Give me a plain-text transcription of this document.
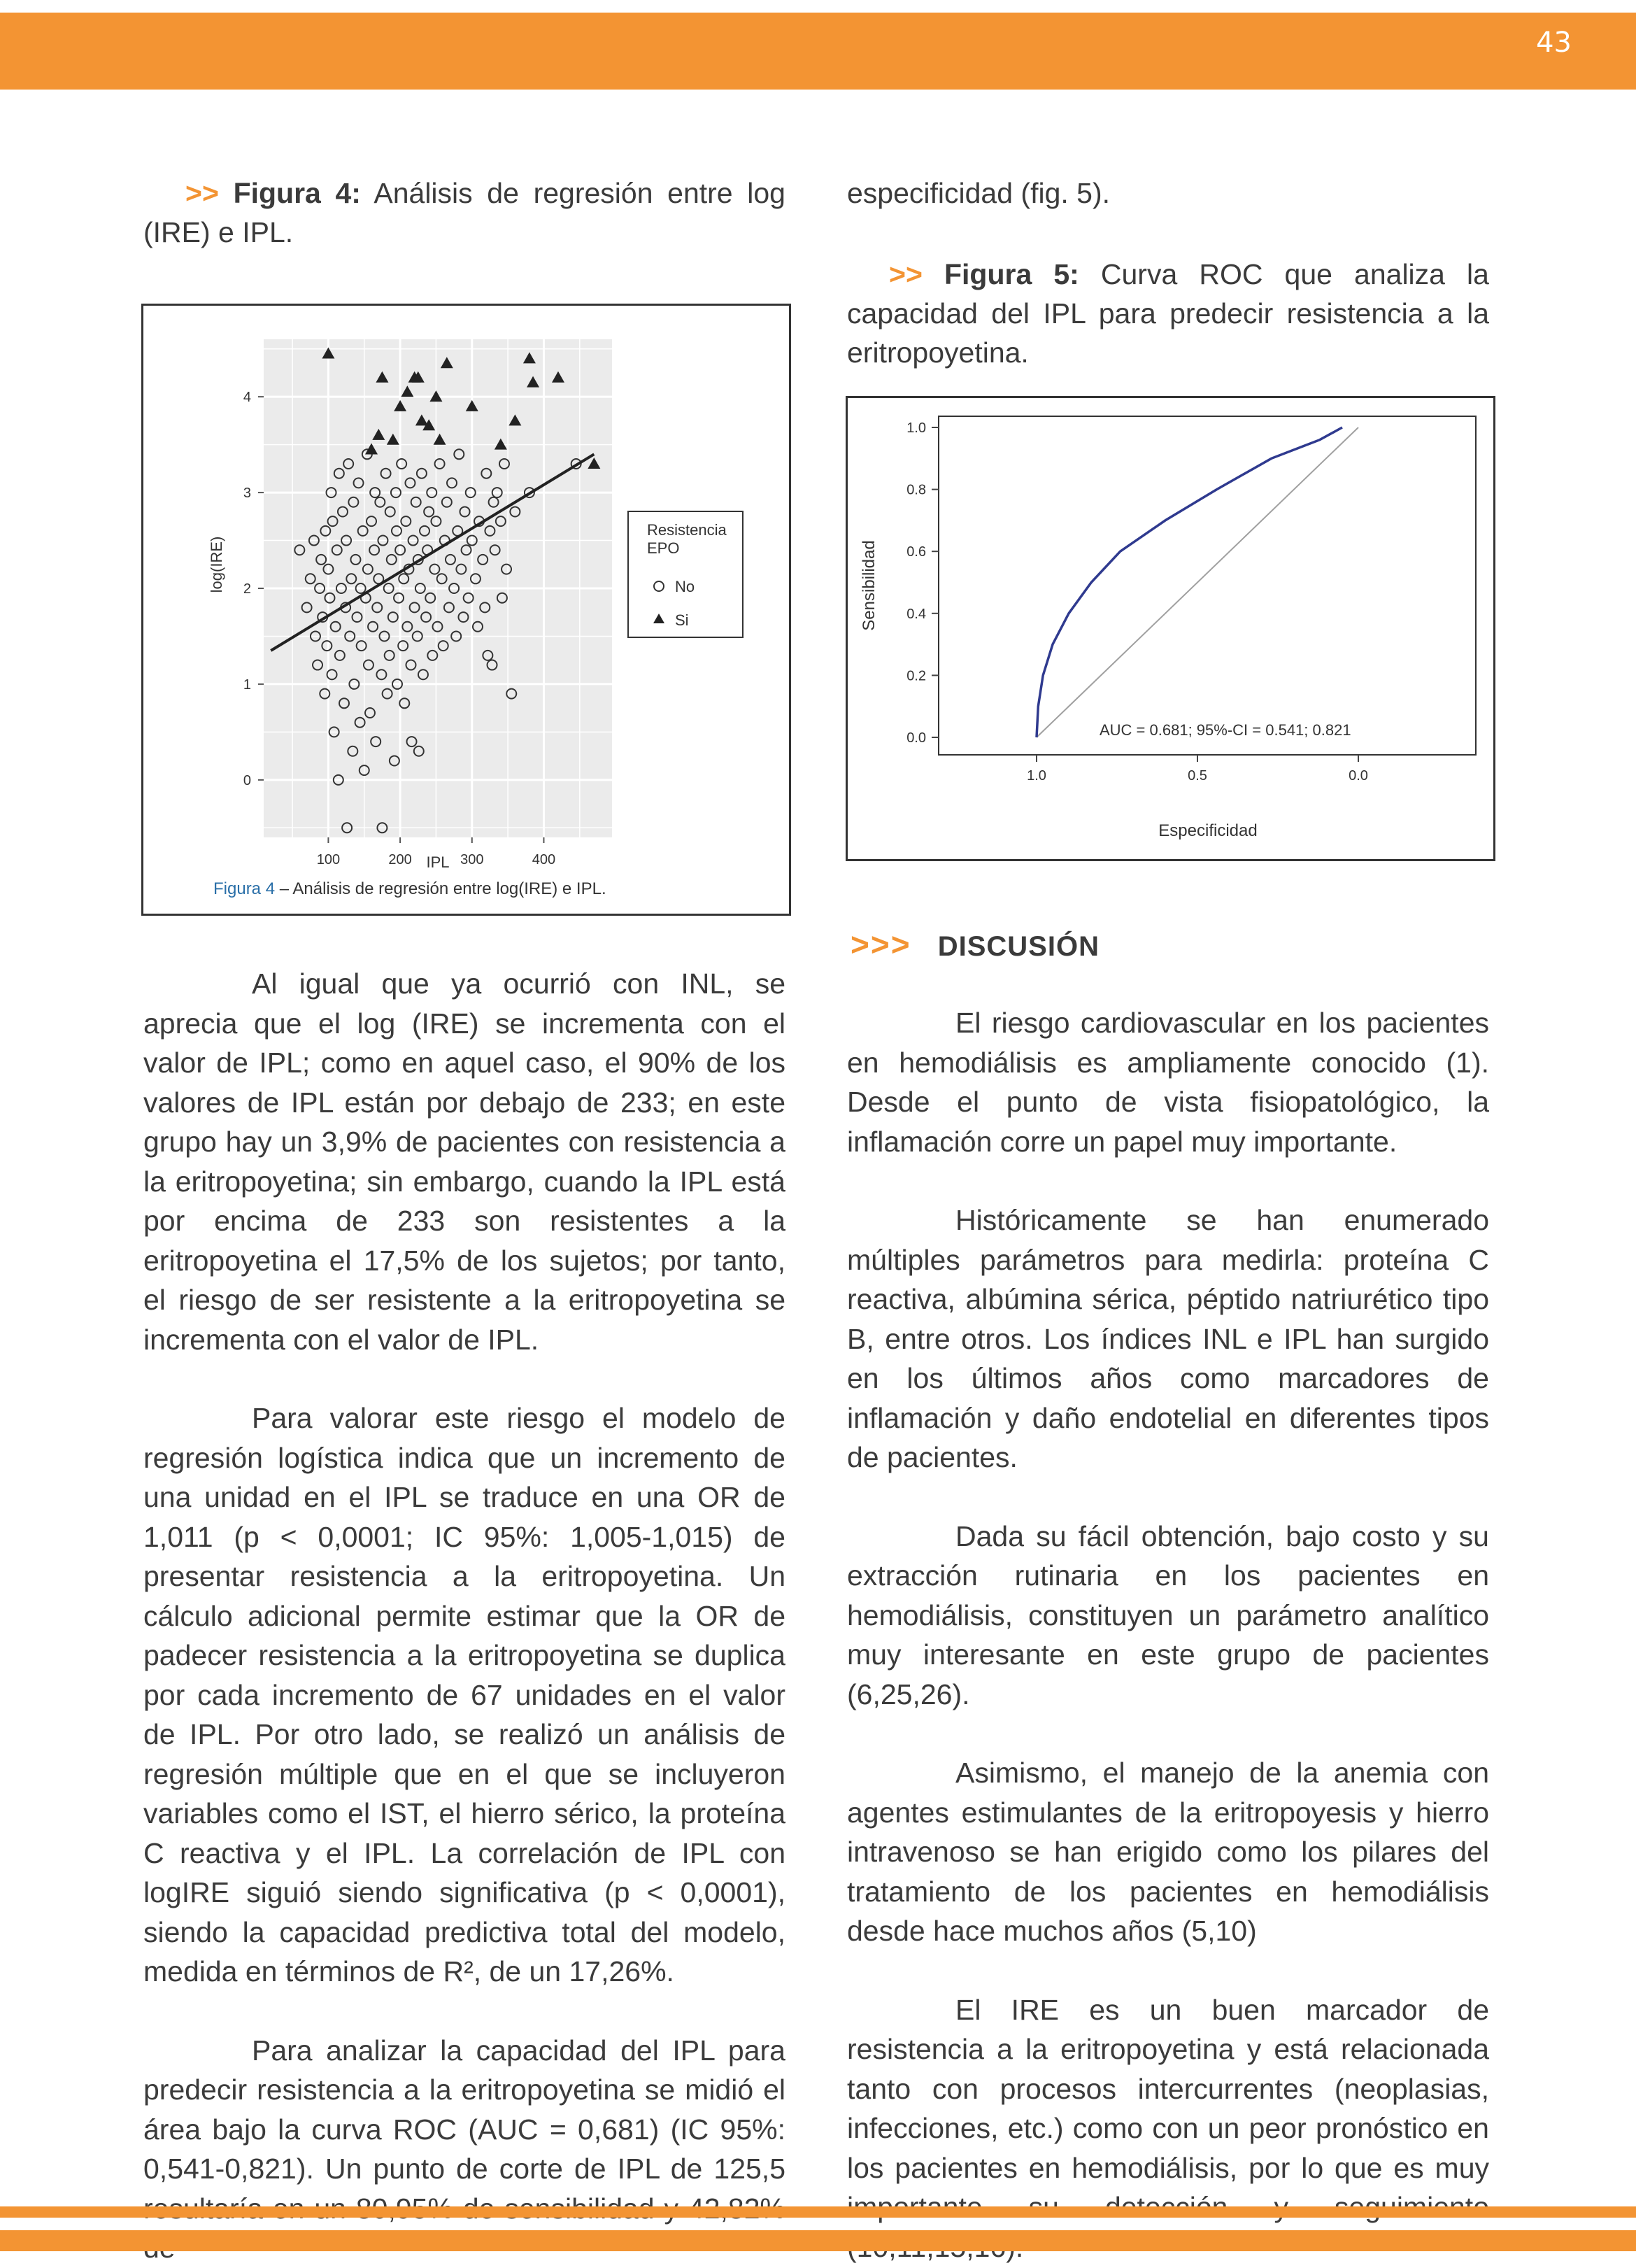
43
>> Figura 4: Análisis de regresión entre log (IRE) e IPL.
100	200	300	400
0
1
2
3
4
IPL
log(IRE)
Resistencia
EPO
No
Si
Figura 4 – Análisis de regresión entre log(IRE) e IPL.

Al igual que ya ocurrió con INL, se aprecia que el log (IRE) se incrementa con el valor de IPL; como en aquel caso, el 90% de los valores de IPL están por debajo de 233; en este grupo hay un 3,9% de pacientes con resistencia a la eritropoyetina; sin embargo, cuando la IPL está por encima de 233 son resistentes a la eritropoyetina el 17,5% de los sujetos; por tanto, el riesgo de ser resistente a la eritropoyetina se incrementa con el valor de IPL.

Para valorar este riesgo el modelo de regresión logística indica que un incremento de una unidad en el IPL se traduce en una OR de 1,011 (p < 0,0001; IC 95%: 1,005-1,015) de presentar resistencia a la eritropoyetina. Un cálculo adicional permite estimar que la OR de padecer resistencia a la eritropoyetina se duplica por cada incremento de 67 unidades en el valor de IPL. Por otro lado, se realizó un análisis de regresión múltiple que en el que se incluyeron variables como el IST, el hierro sérico, la proteína C reactiva y el IPL. La correlación de IPL con logIRE siguió siendo significativa (p < 0,0001), siendo la capacidad predictiva total del modelo, medida en términos de R², de un 17,26%.

Para analizar la capacidad del IPL para predecir resistencia a la eritropoyetina se midió el área bajo la curva ROC (AUC = 0,681) (IC 95%: 0,541-0,821). Un punto de corte de IPL de 125,5

especificidad (fig. 5).
>> Figura 5: Curva ROC que analiza la capacidad del IPL para predecir resistencia a la eritropoyetina.
0.0
0.2
0.4
0.6
0.8
1.0
1.0	0.5	0.0
AUC = 0.681; 95%-CI = 0.541; 0.821
Especificidad
Sensibilidad
>>> DISCUSIÓN

El riesgo cardiovascular en los pacientes en hemodiálisis es ampliamente conocido (1). Desde el punto de vista fisiopatológico, la inflamación corre un papel muy importante.

Históricamente se han enumerado múltiples parámetros para medirla: proteína C reactiva, albúmina sérica, péptido natriurético tipo B, entre otros. Los índices INL e IPL han surgido en los últimos años como marcadores de inflamación y daño endotelial en diferentes tipos de pacientes.

Dada su fácil obtención, bajo costo y su extracción rutinaria en los pacientes en hemodiálisis, constituyen un parámetro analítico muy interesante en este grupo de pacientes (6,25,26).

Asimismo, el manejo de la anemia con agentes estimulantes de la eritropoyesis y hierro intravenoso se han erigido como los pilares del tratamiento de los pacientes en hemodiálisis desde hace muchos años (5,10)

El IRE es un buen marcador de resistencia a la eritropoyetina y está relacionada tanto con procesos intercurrentes (neoplasias, infecciones, etc.) como con un peor pronóstico en los pacientes en hemodiálisis, por lo que es muy
